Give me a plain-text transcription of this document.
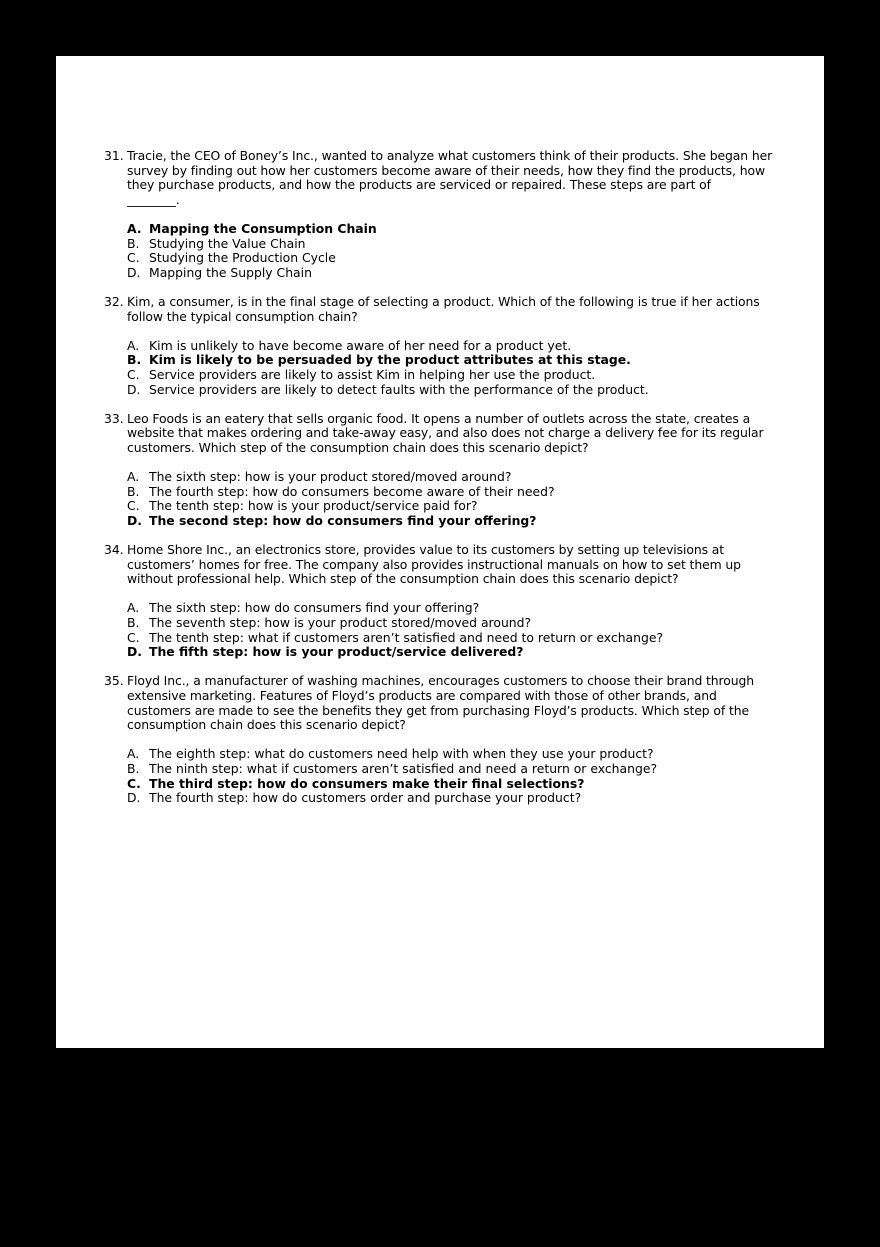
31. Tracie, the CEO of Boney’s Inc., wanted to analyze what customers think of their products. She began her survey by finding out how her customers become aware of their needs, how they find the products, how they purchase products, and how the products are serviced or repaired. These steps are part of
________.
A. Mapping the Consumption Chain
B. Studying the Value Chain
C. Studying the Production Cycle
D. Mapping the Supply Chain
32. Kim, a consumer, is in the final stage of selecting a product. Which of the following is true if her actions follow the typical consumption chain?
A. Kim is unlikely to have become aware of her need for a product yet.
B. Kim is likely to be persuaded by the product attributes at this stage.
C. Service providers are likely to assist Kim in helping her use the product.
D. Service providers are likely to detect faults with the performance of the product.
33. Leo Foods is an eatery that sells organic food. It opens a number of outlets across the state, creates a website that makes ordering and take-away easy, and also does not charge a delivery fee for its regular customers. Which step of the consumption chain does this scenario depict?
A. The sixth step: how is your product stored/moved around?
B. The fourth step: how do consumers become aware of their need?
C. The tenth step: how is your product/service paid for?
D. The second step: how do consumers find your offering?
34. Home Shore Inc., an electronics store, provides value to its customers by setting up televisions at customers’ homes for free. The company also provides instructional manuals on how to set them up without professional help. Which step of the consumption chain does this scenario depict?
A. The sixth step: how do consumers find your offering?
B. The seventh step: how is your product stored/moved around?
C. The tenth step: what if customers aren’t satisfied and need to return or exchange?
D. The fifth step: how is your product/service delivered?
35. Floyd Inc., a manufacturer of washing machines, encourages customers to choose their brand through extensive marketing. Features of Floyd’s products are compared with those of other brands, and customers are made to see the benefits they get from purchasing Floyd’s products. Which step of the consumption chain does this scenario depict?
A. The eighth step: what do customers need help with when they use your product?
B. The ninth step: what if customers aren’t satisfied and need a return or exchange?
C. The third step: how do consumers make their final selections?
D. The fourth step: how do customers order and purchase your product?
